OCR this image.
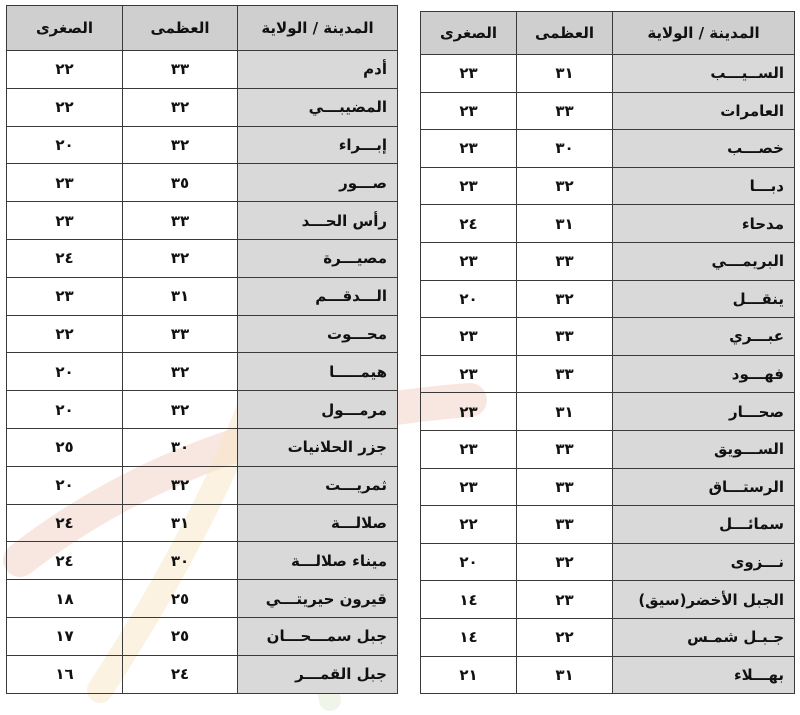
المدينة / الولاية	العظمى	الصغرى
أدم	٣٣	٢٢
المضيبـــي	٣٢	٢٢
إبـــراء	٣٢	٢٠
صـــور	٣٥	٢٣
رأس الحـــد	٣٣	٢٣
مصيـــرة	٣٢	٢٤
الـــدقـــم	٣١	٢٣
محـــوت	٣٣	٢٢
هيمـــــا	٣٢	٢٠
مرمـــول	٣٢	٢٠
جزر الحلانيات	٣٠	٢٥
ثمريـــت	٣٢	٢٠
صلالـــة	٣١	٢٤
ميناء صلالـــة	٣٠	٢٤
قيرون حيريتـــي	٢٥	١٨
جبل سمـــحـــان	٢٥	١٧
جبل القمـــر	٢٤	١٦
المدينة / الولاية	العظمى	الصغرى
الســيـــب	٣١	٢٣
العامرات	٣٣	٢٣
خصـــب	٣٠	٢٣
دبـــا	٣٢	٢٣
مدحاء	٣١	٢٤
البريمـــي	٣٣	٢٣
ينقـــل	٣٢	٢٠
عبـــري	٣٣	٢٣
فهـــود	٣٣	٢٣
صحـــار	٣١	٢٣
الســـويق	٣٣	٢٣
الرستـــاق	٣٣	٢٣
سمائـــل	٣٣	٢٢
نـــزوى	٣٢	٢٠
الجبل الأخضر(سيق)	٢٣	١٤
جـبـل شمـس	٢٢	١٤
بهـــلاء	٣١	٢١
